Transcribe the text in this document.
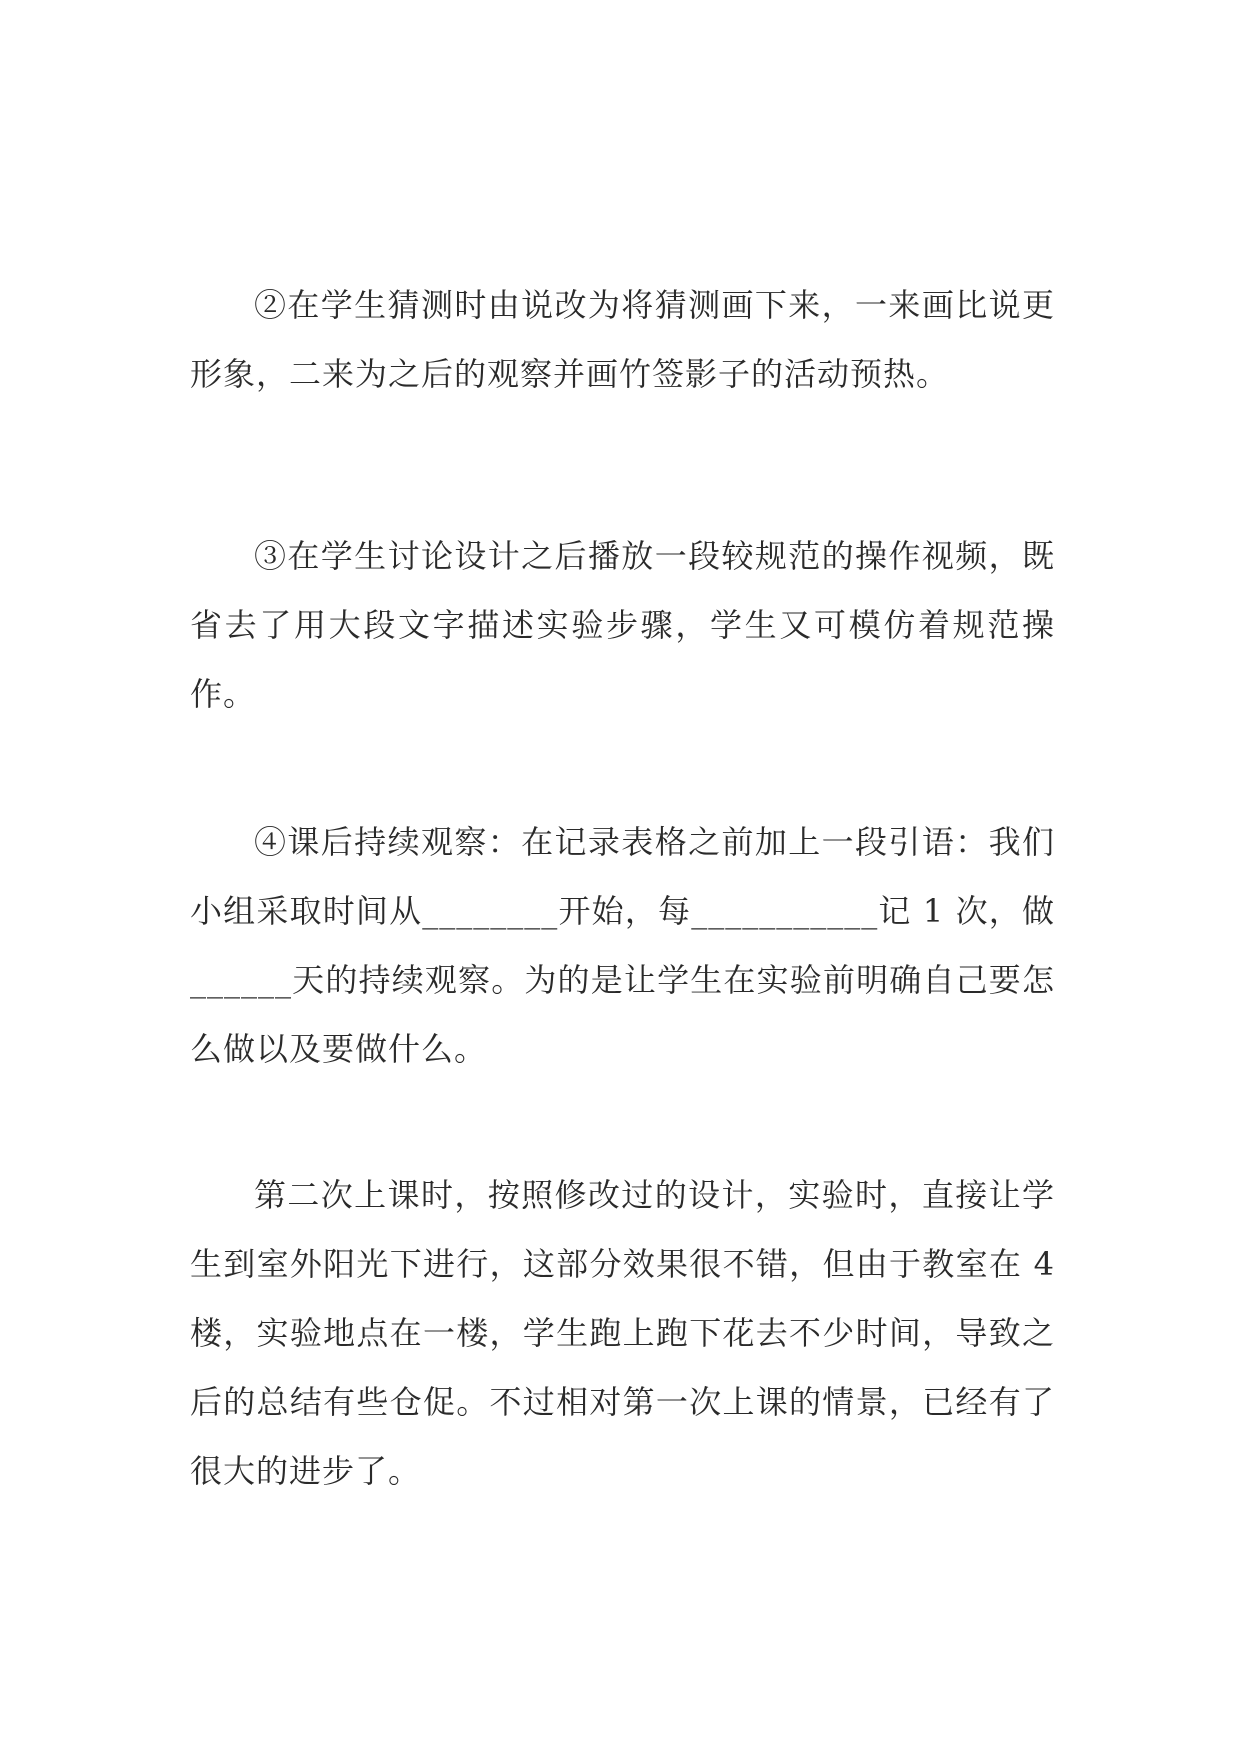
②在学生猜测时由说改为将猜测画下来，一来画比说更形象，二来为之后的观察并画竹签影子的活动预热。

③在学生讨论设计之后播放一段较规范的操作视频，既省去了用大段文字描述实验步骤，学生又可模仿着规范操作。

④课后持续观察：在记录表格之前加上一段引语：我们小组采取时间从________开始，每___________记 1 次，做______天的持续观察。为的是让学生在实验前明确自己要怎么做以及要做什么。

第二次上课时，按照修改过的设计，实验时，直接让学生到室外阳光下进行，这部分效果很不错，但由于教室在 4 楼，实验地点在一楼，学生跑上跑下花去不少时间，导致之后的总结有些仓促。不过相对第一次上课的情景，已经有了很大的进步了。
